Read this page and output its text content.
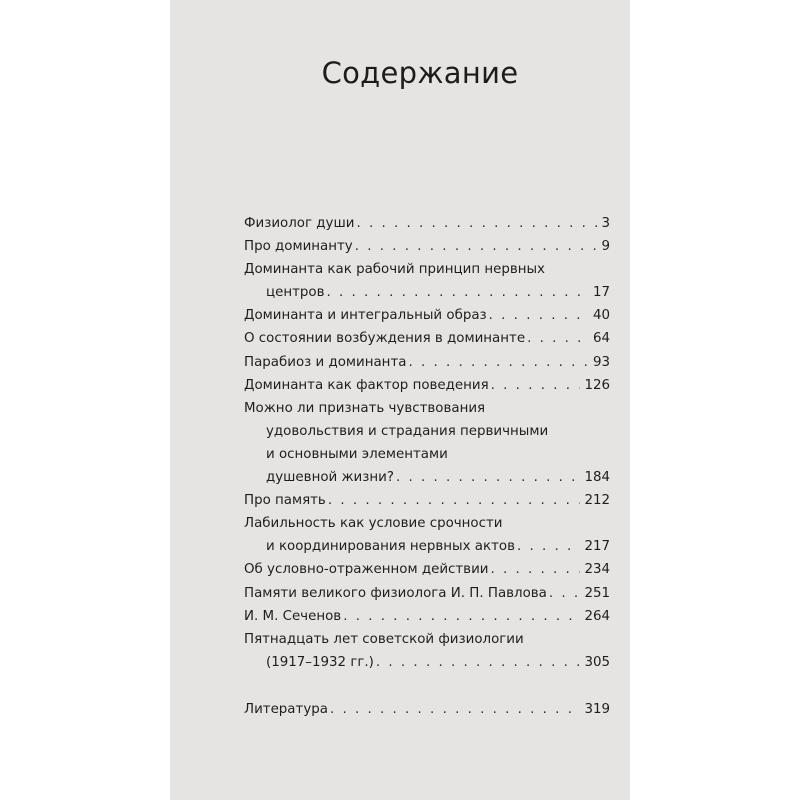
Содержание
Физиолог души . . .	3
Про доминанту . . .	9
Доминанта как рабочий принцип нервных
центров . . .	17
Доминанта и интегральный образ . . .	40
О состоянии возбуждения в доминанте . . .	64
Парабиоз и доминанта . . .	93
Доминанта как фактор поведения . . .	126
Можно ли признать чувствования
удовольствия и страдания первичными
и основными элементами
душевной жизни? . . .	184
Про память . . .	212
Лабильность как условие срочности
и координирования нервных актов . . .	217
Об условно-отраженном действии . . .	234
Памяти великого физиолога И. П. Павлова . . .	251
И. М. Сеченов . . .	264
Пятнадцать лет советской физиологии
(1917–1932 гг.) . . .	305
Литература . . .	319
